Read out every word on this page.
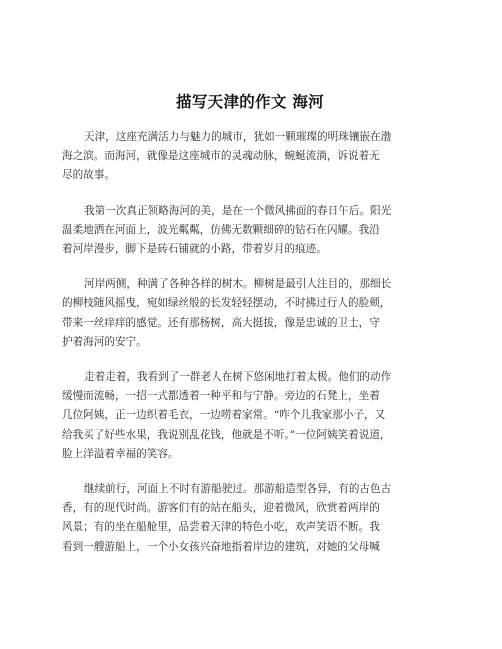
描写天津的作文 海河

天津，这座充满活力与魅力的城市，犹如一颗璀璨的明珠镶嵌在渤
海之滨。而海河，就像是这座城市的灵魂动脉，蜿蜒流淌，诉说着无
尽的故事。

我第一次真正领略海河的美，是在一个微风拂面的春日午后。阳光
温柔地洒在河面上，波光粼粼，仿佛无数颗细碎的钻石在闪耀。我沿
着河岸漫步，脚下是砖石铺就的小路，带着岁月的痕迹。

河岸两侧，种满了各种各样的树木。柳树是最引人注目的，那细长
的柳枝随风摇曳，宛如绿丝般的长发轻轻摆动，不时拂过行人的脸颊，
带来一丝痒痒的感觉。还有那杨树，高大挺拔，像是忠诚的卫士，守
护着海河的安宁。

走着走着，我看到了一群老人在树下悠闲地打着太极。他们的动作
缓慢而流畅，一招一式都透着一种平和与宁静。旁边的石凳上，坐着
几位阿姨，正一边织着毛衣，一边唠着家常。“咋个儿我家那小子，又
给我买了好些水果，我说别乱花钱，他就是不听。”一位阿姨笑着说道，
脸上洋溢着幸福的笑容。

继续前行，河面上不时有游船驶过。那游船造型各异，有的古色古
香，有的现代时尚。游客们有的站在船头，迎着微风，欣赏着两岸的
风景；有的坐在船舱里，品尝着天津的特色小吃，欢声笑语不断。我
看到一艘游船上，一个小女孩兴奋地指着岸边的建筑，对她的父母喊
